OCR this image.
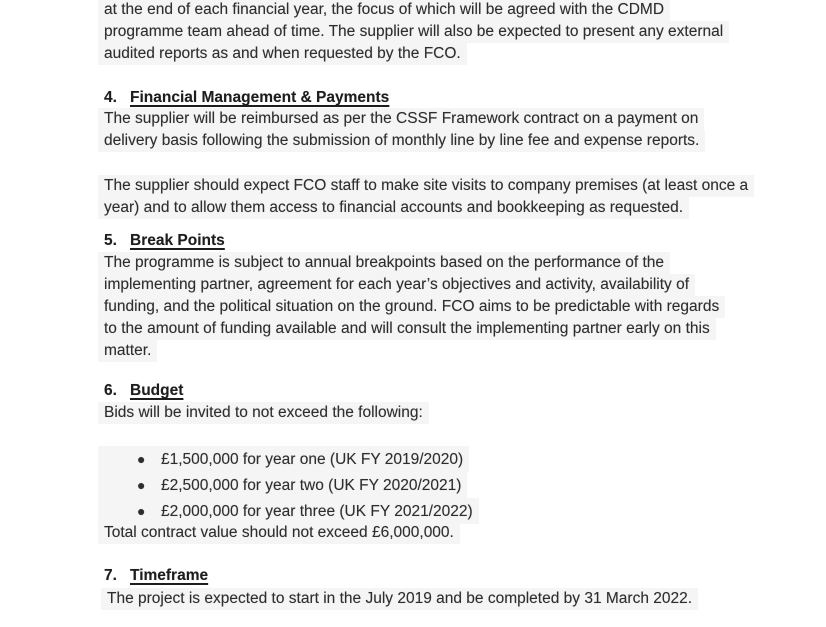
at the end of each financial year, the focus of which will be agreed with the CDMD
programme team ahead of time. The supplier will also be expected to present any external
audited reports as and when requested by the FCO.
4. Financial Management & Payments
The supplier will be reimbursed as per the CSSF Framework contract on a payment on
delivery basis following the submission of monthly line by line fee and expense reports.
The supplier should expect FCO staff to make site visits to company premises (at least once a
year) and to allow them access to financial accounts and bookkeeping as requested.
5. Break Points
The programme is subject to annual breakpoints based on the performance of the
implementing partner, agreement for each year’s objectives and activity, availability of
funding, and the political situation on the ground. FCO aims to be predictable with regards
to the amount of funding available and will consult the implementing partner early on this
matter.
6. Budget
Bids will be invited to not exceed the following:
● £1,500,000 for year one (UK FY 2019/2020)
● £2,500,000 for year two (UK FY 2020/2021)
● £2,000,000 for year three (UK FY 2021/2022)
Total contract value should not exceed £6,000,000.
7. Timeframe
The project is expected to start in the July 2019 and be completed by 31 March 2022.
